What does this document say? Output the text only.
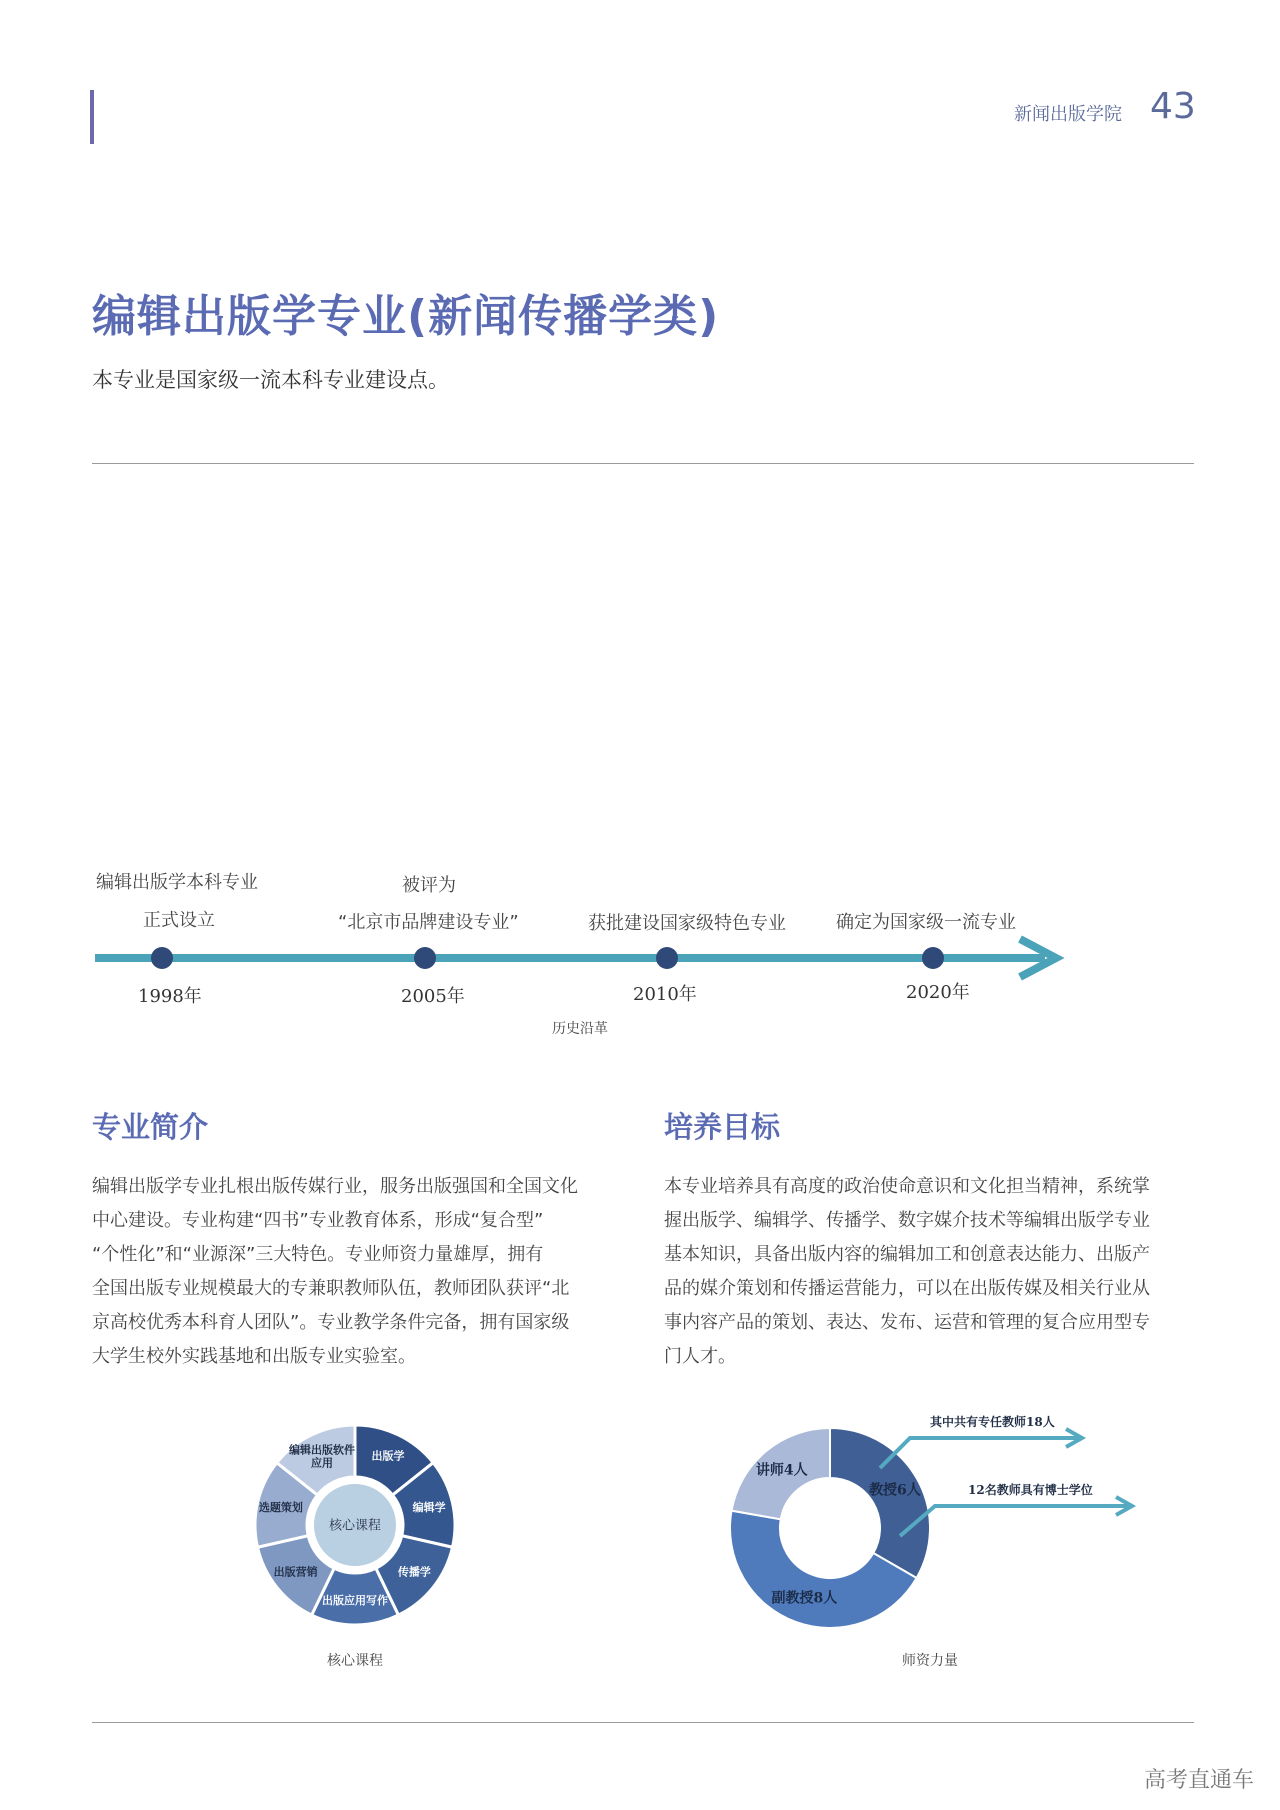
新闻出版学院 43
编辑出版学专业(新闻传播学类)
本专业是国家级一流本科专业建设点。
编辑出版学本科专业
正式设立
被评为
“北京市品牌建设专业”	获批建设国家级特色专业	确定为国家级一流专业
1998年	2005年	2010年	2020年
历史沿革
专业简介
编辑出版学专业扎根出版传媒行业，服务出版强国和全国文化
中心建设。专业构建“四书”专业教育体系，形成“复合型”
“个性化”和“业源深”三大特色。专业师资力量雄厚，拥有
全国出版专业规模最大的专兼职教师队伍，教师团队获评“北
京高校优秀本科育人团队”。专业教学条件完备，拥有国家级
大学生校外实践基地和出版专业实验室。
培养目标
本专业培养具有高度的政治使命意识和文化担当精神，系统掌
握出版学、编辑学、传播学、数字媒介技术等编辑出版学专业
基本知识，具备出版内容的编辑加工和创意表达能力、出版产
品的媒介策划和传播运营能力，可以在出版传媒及相关行业从
事内容产品的策划、表达、发布、运营和管理的复合应用型专
门人才。
出版学
编辑学
传播学
出版应用写作
出版营销
选题策划
编辑出版软件应用
核心课程
核心课程
教授6人
副教授8人
讲师4人
其中共有专任教师18人
12名教师具有博士学位
师资力量
高考直通车
